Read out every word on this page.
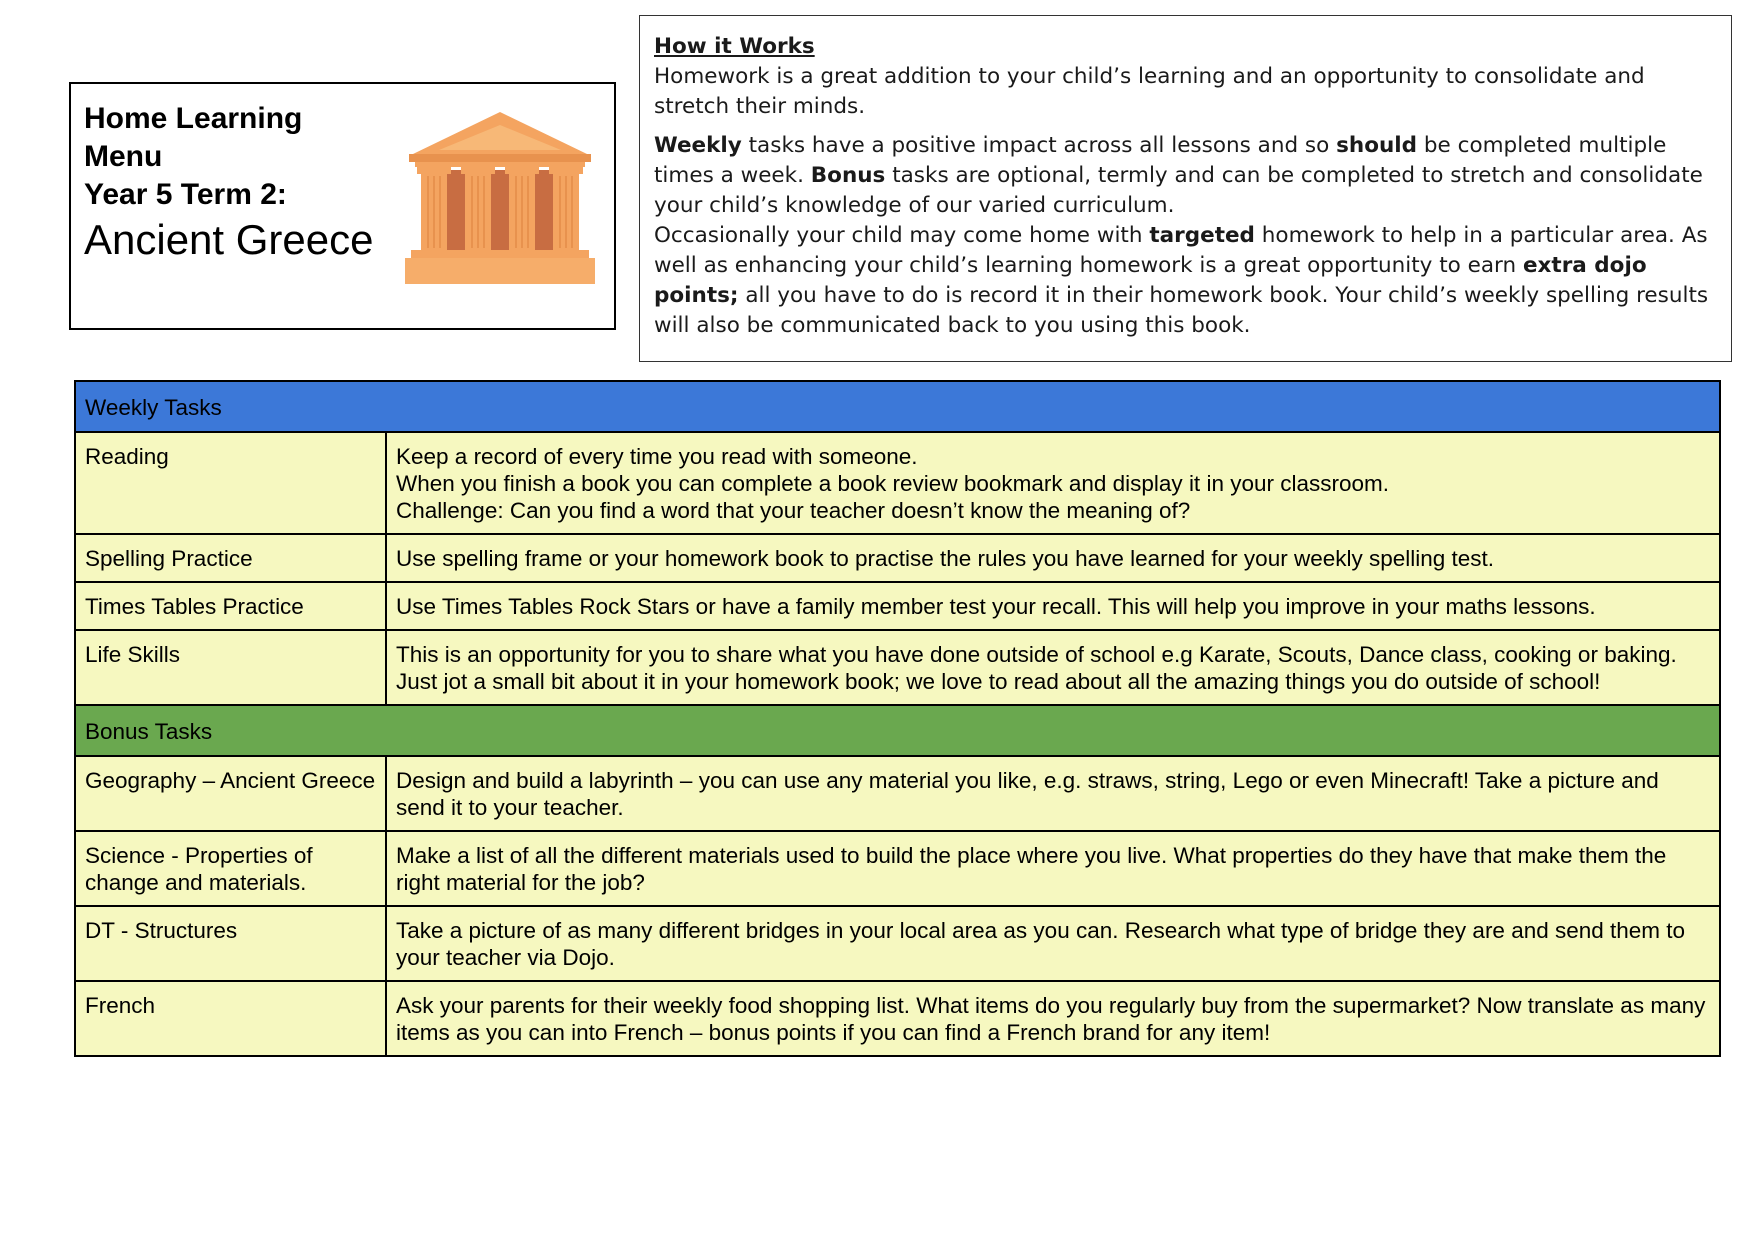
Home Learning
Menu
Year 5 Term 2:
Ancient Greece

How it Works
Homework is a great addition to your child’s learning and an opportunity to consolidate and stretch their minds.

Weekly tasks have a positive impact across all lessons and so should be completed multiple times a week. Bonus tasks are optional, termly and can be completed to stretch and consolidate your child’s knowledge of our varied curriculum.

Occasionally your child may come home with targeted homework to help in a particular area. As well as enhancing your child’s learning homework is a great opportunity to earn extra dojo points; all you have to do is record it in their homework book. Your child’s weekly spelling results will also be communicated back to you using this book.

Weekly Tasks	
Reading	Keep a record of every time you read with someone.
When you finish a book you can complete a book review bookmark and display it in your classroom.
Challenge: Can you find a word that your teacher doesn’t know the meaning of?

Spelling Practice	Use spelling frame or your homework book to practise the rules you have learned for your weekly spelling test.

Times Tables Practice	Use Times Tables Rock Stars or have a family member test your recall. This will help you improve in your maths lessons.

Life Skills	This is an opportunity for you to share what you have done outside of school e.g Karate, Scouts, Dance class, cooking or baking.
Just jot a small bit about it in your homework book; we love to read about all the amazing things you do outside of school!

Bonus Tasks	
Geography – Ancient Greece	Design and build a labyrinth – you can use any material you like, e.g. straws, string, Lego or even Minecraft! Take a picture and send it to your teacher.

Science - Properties of change and materials.	Make a list of all the different materials used to build the place where you live. What properties do they have that make them the right material for the job?

DT - Structures	Take a picture of as many different bridges in your local area as you can. Research what type of bridge they are and send them to your teacher via Dojo.

French	Ask your parents for their weekly food shopping list. What items do you regularly buy from the supermarket? Now translate as many items as you can into French – bonus points if you can find a French brand for any item!
